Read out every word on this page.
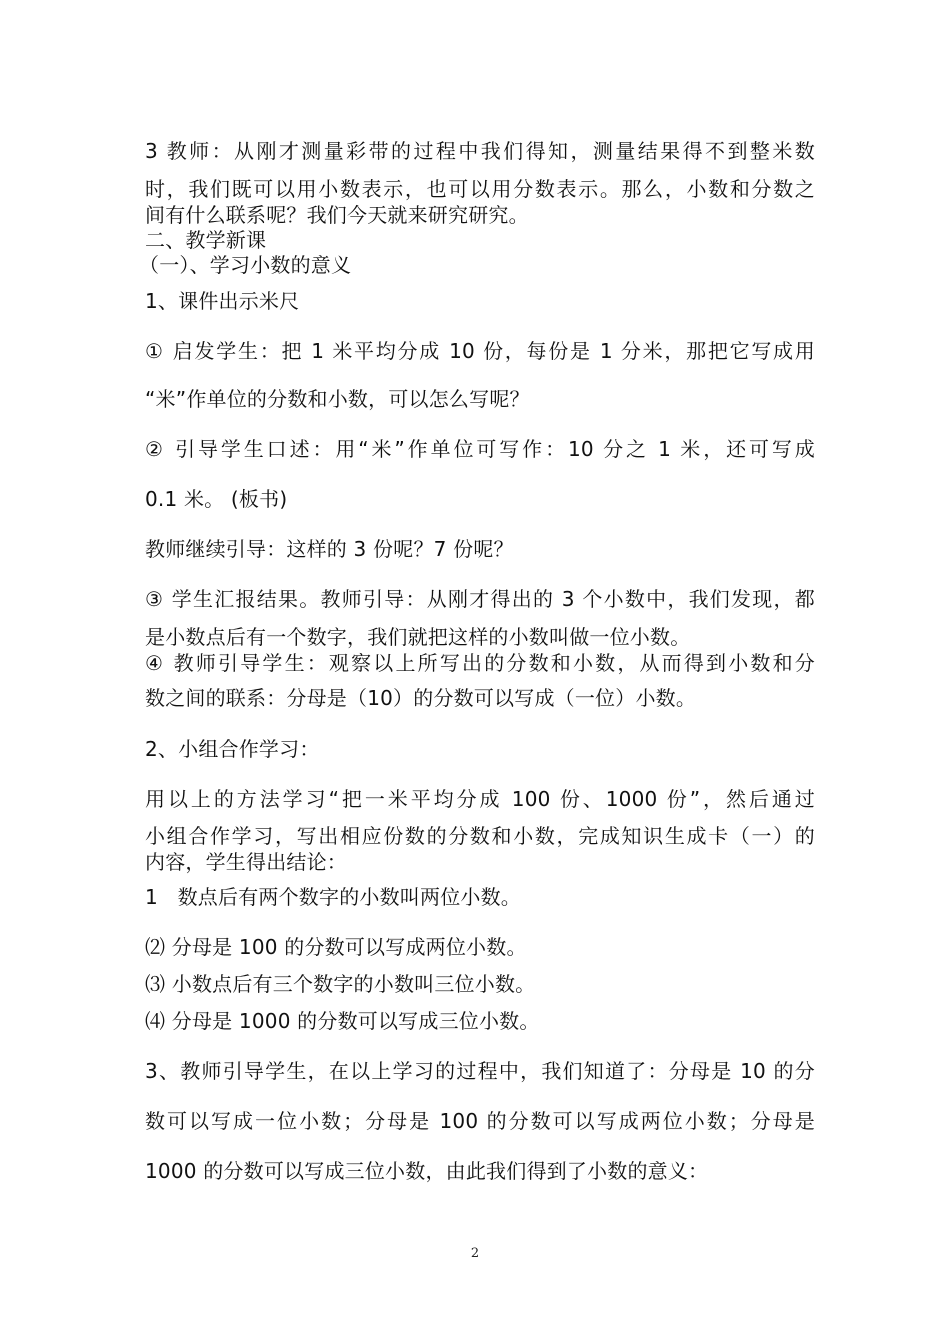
3 教师：从刚才测量彩带的过程中我们得知，测量结果得不到整米数
时，我们既可以用小数表示，也可以用分数表示。那么，小数和分数之
间有什么联系呢？我们今天就来研究研究。
二、教学新课
（一）、学习小数的意义
1、课件出示米尺
① 启发学生：把 1 米平均分成 10 份，每份是 1 分米，那把它写成用
“米”作单位的分数和小数，可以怎么写呢？
② 引导学生口述：用“米”作单位可写作：10 分之 1 米，还可写成
0.1 米。 (板书)
教师继续引导：这样的 3 份呢？7 份呢？
③ 学生汇报结果。教师引导：从刚才得出的 3 个小数中，我们发现，都
是小数点后有一个数字，我们就把这样的小数叫做一位小数。
④ 教师引导学生：观察以上所写出的分数和小数，从而得到小数和分
数之间的联系：分母是（10）的分数可以写成（一位）小数。
2、小组合作学习：
用以上的方法学习“把一米平均分成 100 份、1000 份”，然后通过
小组合作学习，写出相应份数的分数和小数，完成知识生成卡（一）的
内容，学生得出结论：
1   数点后有两个数字的小数叫两位小数。
⑵ 分母是 100 的分数可以写成两位小数。
⑶ 小数点后有三个数字的小数叫三位小数。
⑷ 分母是 1000 的分数可以写成三位小数。
3、教师引导学生，在以上学习的过程中，我们知道了：分母是 10 的分
数可以写成一位小数；分母是 100 的分数可以写成两位小数；分母是
1000 的分数可以写成三位小数，由此我们得到了小数的意义：
2
